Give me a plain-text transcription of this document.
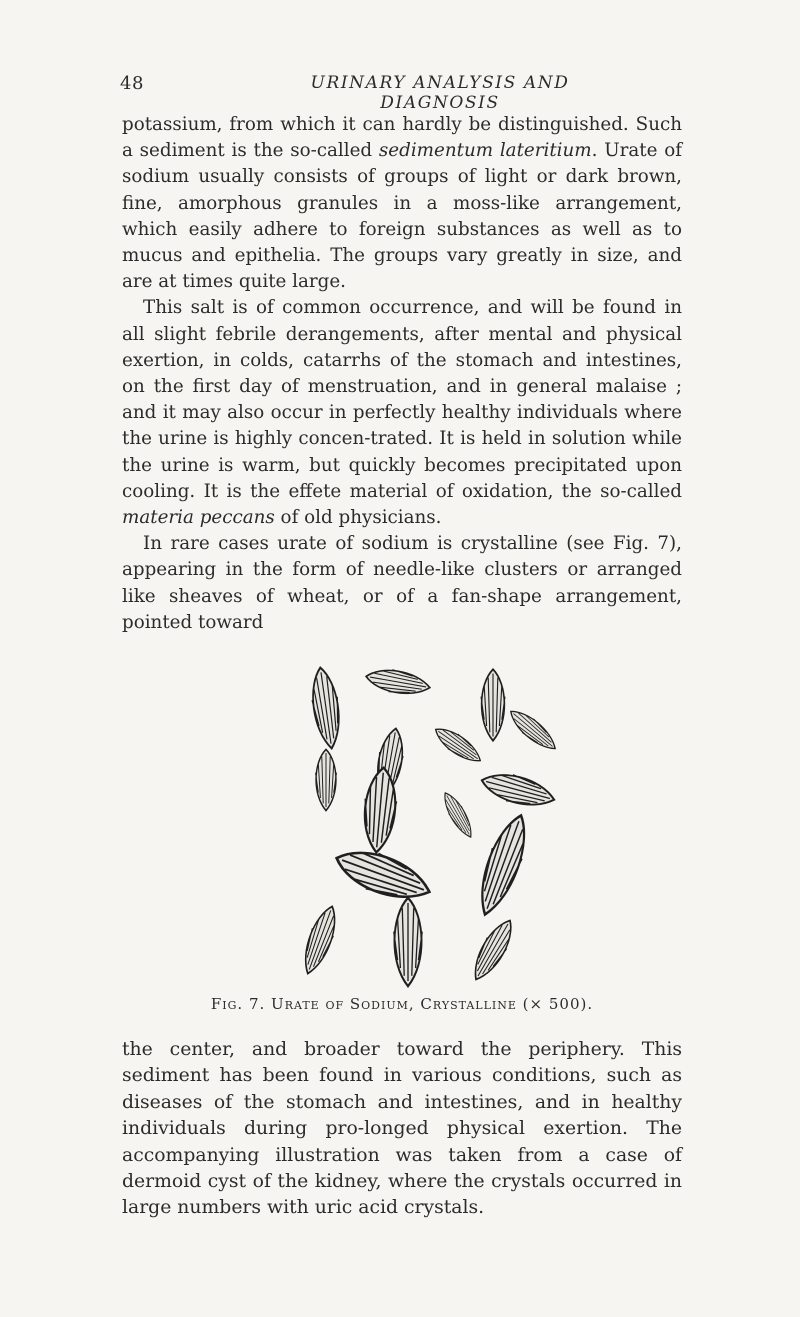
48	URINARY ANALYSIS AND DIAGNOSIS

potassium, from which it can hardly be distinguished. Such a sediment is the so-called sedimentum lateritium. Urate of sodium usually consists of groups of light or dark brown, fine, amorphous granules in a moss-like arrangement, which easily adhere to foreign substances as well as to mucus and epithelia. The groups vary greatly in size, and are at times quite large.

This salt is of common occurrence, and will be found in all slight febrile derangements, after mental and physical exertion, in colds, catarrhs of the stomach and intestines, on the first day of menstruation, and in general malaise ; and it may also occur in perfectly healthy individuals where the urine is highly concen-trated. It is held in solution while the urine is warm, but quickly becomes precipitated upon cooling. It is the effete material of oxidation, the so-called materia peccans of old physicians.

In rare cases urate of sodium is crystalline (see Fig. 7), appearing in the form of needle-like clusters or arranged like sheaves of wheat, or of a fan-shape arrangement, pointed toward

Fig. 7. Urate of Sodium, Crystalline (× 500).

the center, and broader toward the periphery. This sediment has been found in various conditions, such as diseases of the stomach and intestines, and in healthy individuals during pro-longed physical exertion. The accompanying illustration was taken from a case of dermoid cyst of the kidney, where the crystals occurred in large numbers with uric acid crystals.
